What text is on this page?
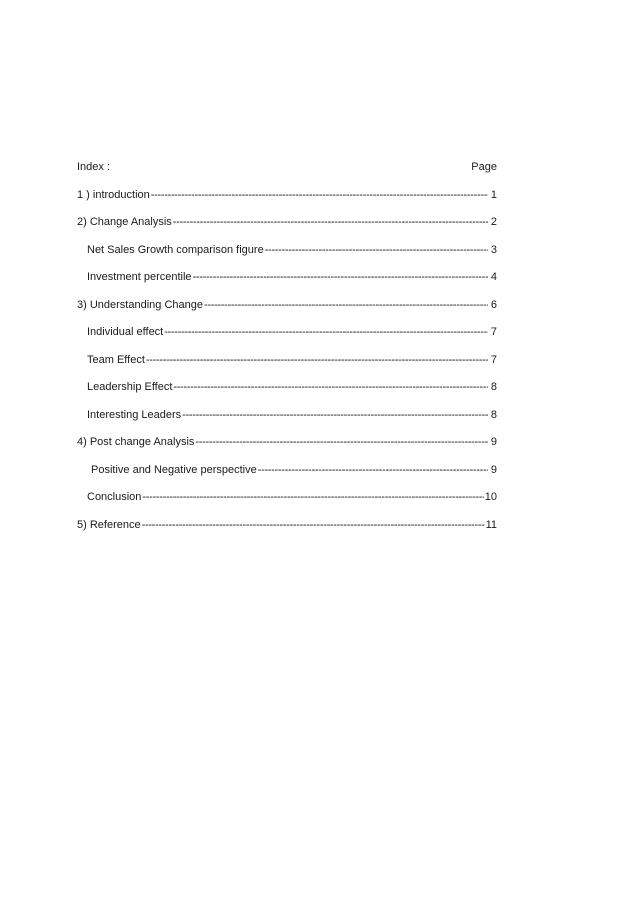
Index :	Page
1 ) introduction -----	1
2) Change Analysis -----	2
Net Sales Growth comparison figure -----	3
Investment percentile -----	4
3) Understanding Change -----	6
Individual effect -----	7
Team Effect -----	7
Leadership Effect -----	8
Interesting Leaders -----	8
4) Post change Analysis -----	9
Positive and Negative perspective -----	9
Conclusion -----	10
5) Reference -----	11
